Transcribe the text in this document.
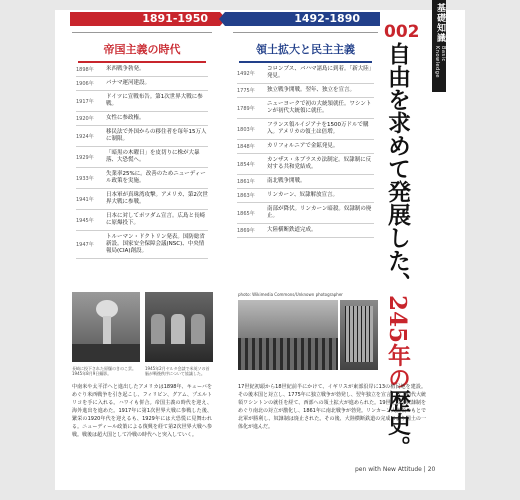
基礎知識
Basic Knowledge
1891-1950	1492-1890
帝国主義の時代
1898年	米西戦争勃発。
1906年	パナマ運河建設。
1917年
ドイツに宣戦布告。第1次世界大戦に参戦。
1920年	女性に参政権。
1924年
移民法で外国からの移住者を毎年15万人に制限。
1929年
「暗黒の木曜日」を皮切りに株が大暴落、大恐慌へ。
1933年
失業率25%に。改善のためニューディール政策を実施。
1941年
日本軍が真珠湾攻撃。アメリカ、第2次世界大戦に参戦。
1945年
日本に対してポツダム宣言。広島と長崎に原爆投下。
1947年
トルーマン・ドクトリン発表。国防総省新設。国家安全保障会議(NSC)、中央情報局(CIA)創設。
領土拡大と民主主義
1492年
コロンブス、バハマ諸島に到着。「新大陸」発見。
1775年	独立戦争開戦。翌年、独立を宣言。
1789年
ニューヨークで初の大統領就任。ワシントンが初代大統領に就任。
1803年
フランス領ルイジアナを1500万ドルで購入。アメリカの領土は倍増。
1848年	カリフォルニアで金鉱発見。
1854年
カンザス・ネブラスカ法制定。奴隷制に反対する共和党結成。
1861年	南北戦争開戦。
1863年	リンカーン、奴隷解放宣言。
1865年
南部が降伏。リンカーン暗殺。奴隷制の廃止。
1869年	大陸横断鉄道完成。
002
自由を求めて発展した、245年の歴史。
長崎に投下された原爆のきのこ雲。1945年8月9日撮影。
1945年2月ヤルタ会談で米英ソの首脳が戦後秩序について協議した。
photo: Wikimedia Commons/Unknown photographer
中南米や太平洋へと進出したアメリカは1898年、キューバをめぐり米西戦争を引き起こし、フィリピン、グアム、プエルトリコを手に入れる。ハワイも併合。帝国主義の時代を迎え、海外進出を進めた。1917年に第1次世界大戦に参戦した後、繁栄の1920年代を迎えるも、1929年には大恐慌に見舞われる。ニューディール政策による復興を経て第2次世界大戦へ参戦。戦後は超大国として冷戦の時代へと突入していく。
17世紀初頭から18世紀前半にかけて、イギリスが東部沿岸に13の植民地を建設。その後本国と対立し、1775年に独立戦争が勃発し、翌年独立を宣言した。初代大統領ワシントンの就任を経て、西部への領土拡大が進められた。19世紀には奴隷制をめぐり南北の対立が激化し、1861年に南北戦争が勃発。リンカーン大統領のもとで北軍が勝利し、奴隷制は廃止された。その後、大陸横断鉄道の完成により国土の一体化が進んだ。
pen with New Attitude | 20
